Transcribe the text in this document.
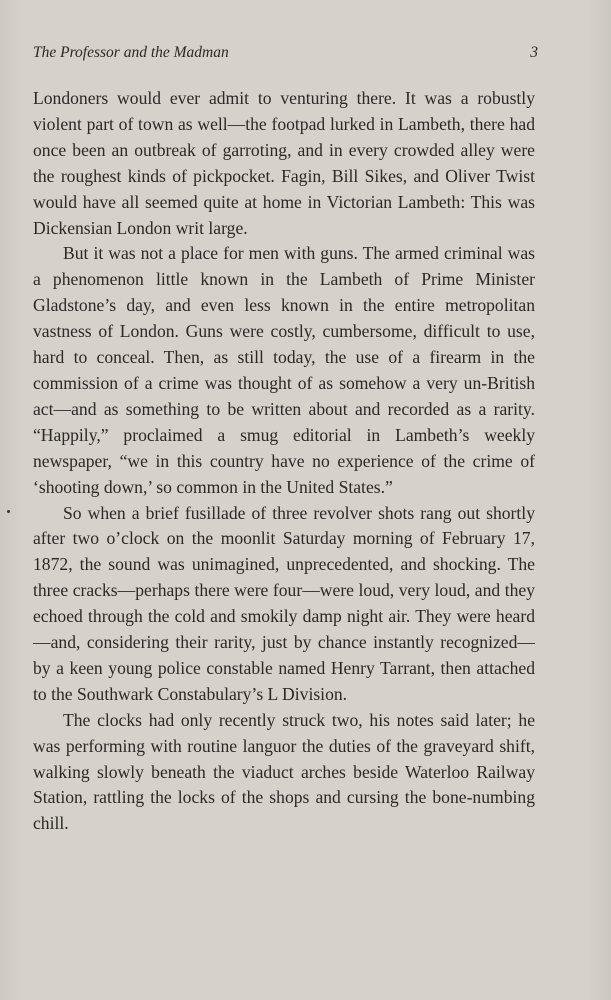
The Professor and the Madman	3

Londoners would ever admit to venturing there. It was a robustly violent part of town as well—the footpad lurked in Lambeth, there had once been an outbreak of garroting, and in every crowded alley were the roughest kinds of pickpocket. Fagin, Bill Sikes, and Oliver Twist would have all seemed quite at home in Victorian Lambeth: This was Dickensian London writ large.

But it was not a place for men with guns. The armed criminal was a phenomenon little known in the Lambeth of Prime Minister Gladstone’s day, and even less known in the entire metropolitan vastness of London. Guns were costly, cumbersome, difficult to use, hard to conceal. Then, as still today, the use of a firearm in the commission of a crime was thought of as somehow a very un-British act—and as something to be written about and recorded as a rarity. “Happily,” proclaimed a smug editorial in Lambeth’s weekly newspaper, “we in this country have no experience of the crime of ‘shooting down,’ so common in the United States.”

So when a brief fusillade of three revolver shots rang out shortly after two o’clock on the moonlit Saturday morning of February 17, 1872, the sound was unimagined, unprecedented, and shocking. The three cracks—perhaps there were four—were loud, very loud, and they echoed through the cold and smokily damp night air. They were heard—and, considering their rarity, just by chance instantly recognized—by a keen young police constable named Henry Tarrant, then attached to the Southwark Constabulary’s L Division.

The clocks had only recently struck two, his notes said later; he was performing with routine languor the duties of the graveyard shift, walking slowly beneath the viaduct arches beside Waterloo Railway Station, rattling the locks of the shops and cursing the bone-numbing chill.
